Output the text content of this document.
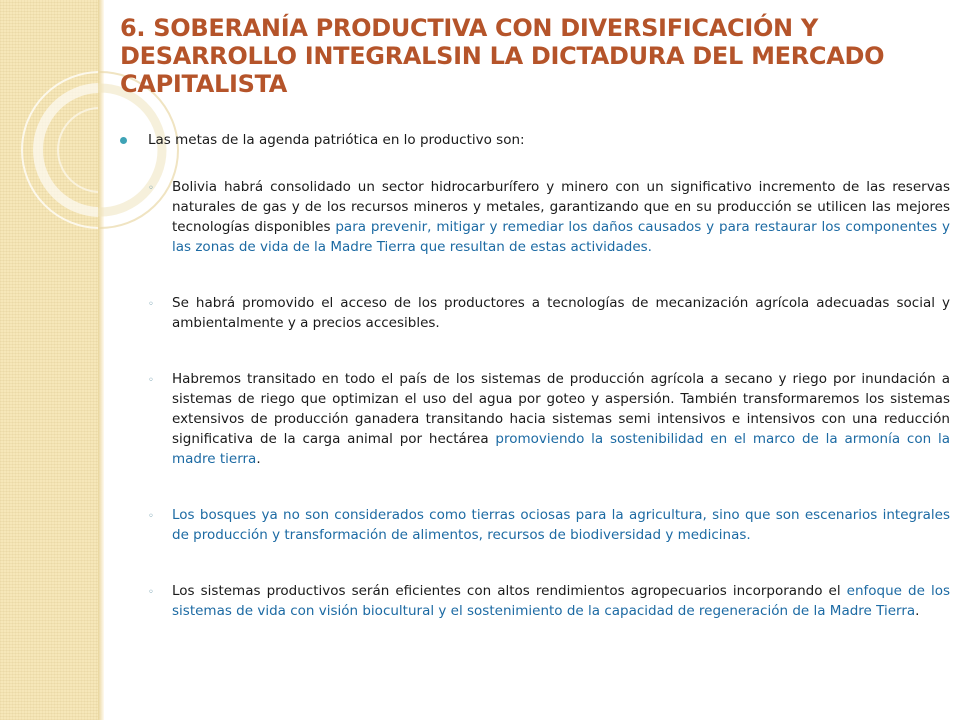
6. SOBERANÍA PRODUCTIVA CON DIVERSIFICACIÓN Y DESARROLLO INTEGRALSIN LA DICTADURA DEL MERCADO CAPITALISTA
Las metas de la agenda patriótica en lo productivo son:
◦ Bolivia habrá consolidado un sector hidrocarburífero y minero con un significativo incremento de las reservas naturales de gas y de los recursos mineros y metales, garantizando que en su producción se utilicen las mejores tecnologías disponibles para prevenir, mitigar y remediar los daños causados y para restaurar los componentes y las zonas de vida de la Madre Tierra que resultan de estas actividades.
◦ Se habrá promovido el acceso de los productores a tecnologías de mecanización agrícola adecuadas social y ambientalmente y a precios accesibles.
◦ Habremos transitado en todo el país de los sistemas de producción agrícola a secano y riego por inundación a sistemas de riego que optimizan el uso del agua por goteo y aspersión. También transformaremos los sistemas extensivos de producción ganadera transitando hacia sistemas semi intensivos e intensivos con una reducción significativa de la carga animal por hectárea promoviendo la sostenibilidad en el marco de la armonía con la madre tierra.
◦ Los bosques ya no son considerados como tierras ociosas para la agricultura, sino que son escenarios integrales de producción y transformación de alimentos, recursos de biodiversidad y medicinas.
◦ Los sistemas productivos serán eficientes con altos rendimientos agropecuarios incorporando el enfoque de los sistemas de vida con visión biocultural y el sostenimiento de la capacidad de regeneración de la Madre Tierra.
